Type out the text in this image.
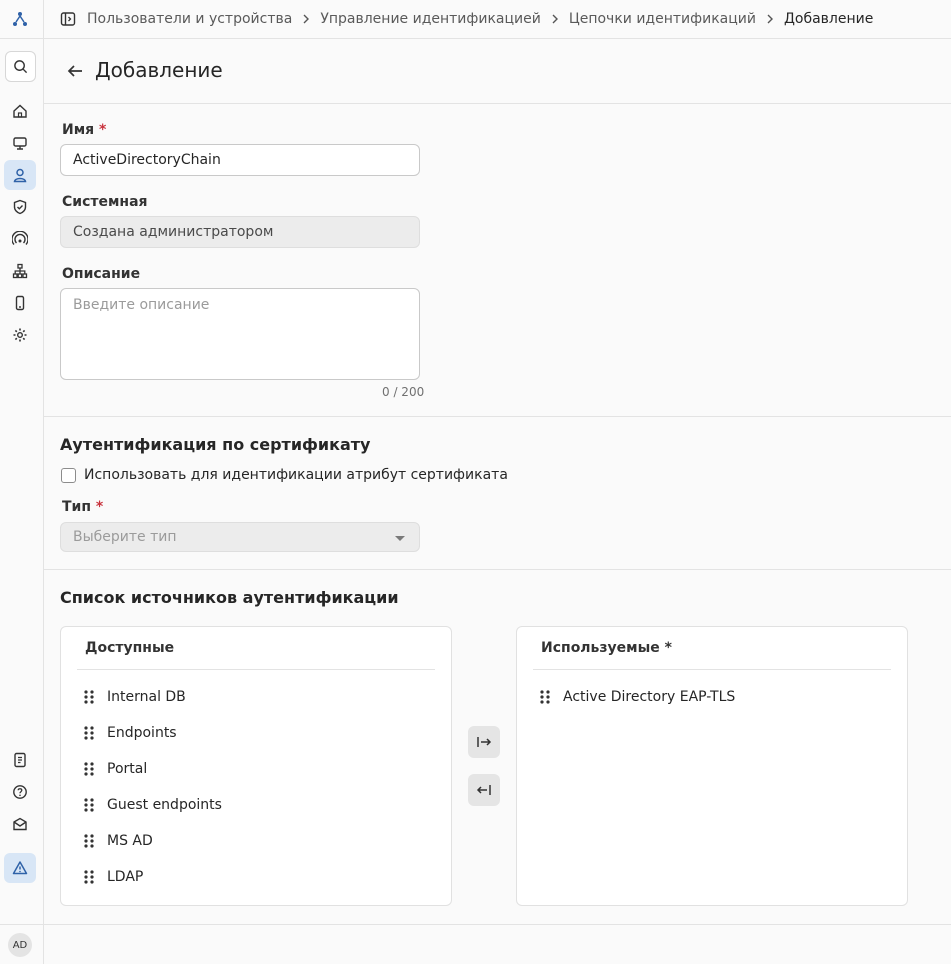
AD
Пользователи и устройства Управление идентификацией Цепочки идентификаций Добавление
Добавление
Имя *
ActiveDirectoryChain
Системная
Создана администратором
Описание
Введите описание
0 / 200
Аутентификация по сертификату
Использовать для идентификации атрибут сертификата
Тип *
Выберите тип
Список источников аутентификации
Доступные
Internal DB
Endpoints
Portal
Guest endpoints
MS AD
LDAP
Используемые *
Active Directory EAP-TLS
